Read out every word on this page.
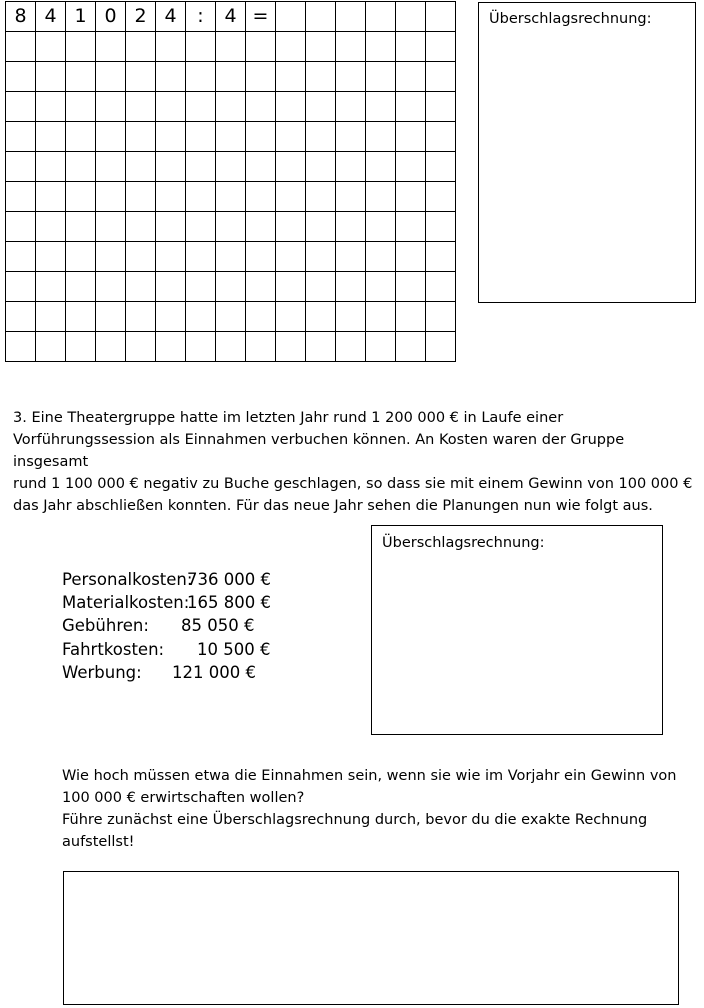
8	4	1	0	2	4	:	4	=						

															Überschlagsrechnung:

3. Eine Theatergruppe hatte im letzten Jahr rund 1 200 000 € in Laufe einer

Vorführungssession als Einnahmen verbuchen können. An Kosten waren der Gruppe insgesamt

rund 1 100 000 € negativ zu Buche geschlagen, so dass sie mit einem Gewinn von 100 000 €

das Jahr abschließen konnten. Für das neue Jahr sehen die Planungen nun wie folgt aus.

Überschlagsrechnung:
Personalkosten:
736 000 €
Materialkosten:
165 800 €
Gebühren: 85 050 €
Fahrtkosten: 10 500 €
Werbung: 121 000 €

Wie hoch müssen etwa die Einnahmen sein, wenn sie wie im Vorjahr ein Gewinn von

100 000 € erwirtschaften wollen?

Führe zunächst eine Überschlagsrechnung durch, bevor du die exakte Rechnung

aufstellst!
